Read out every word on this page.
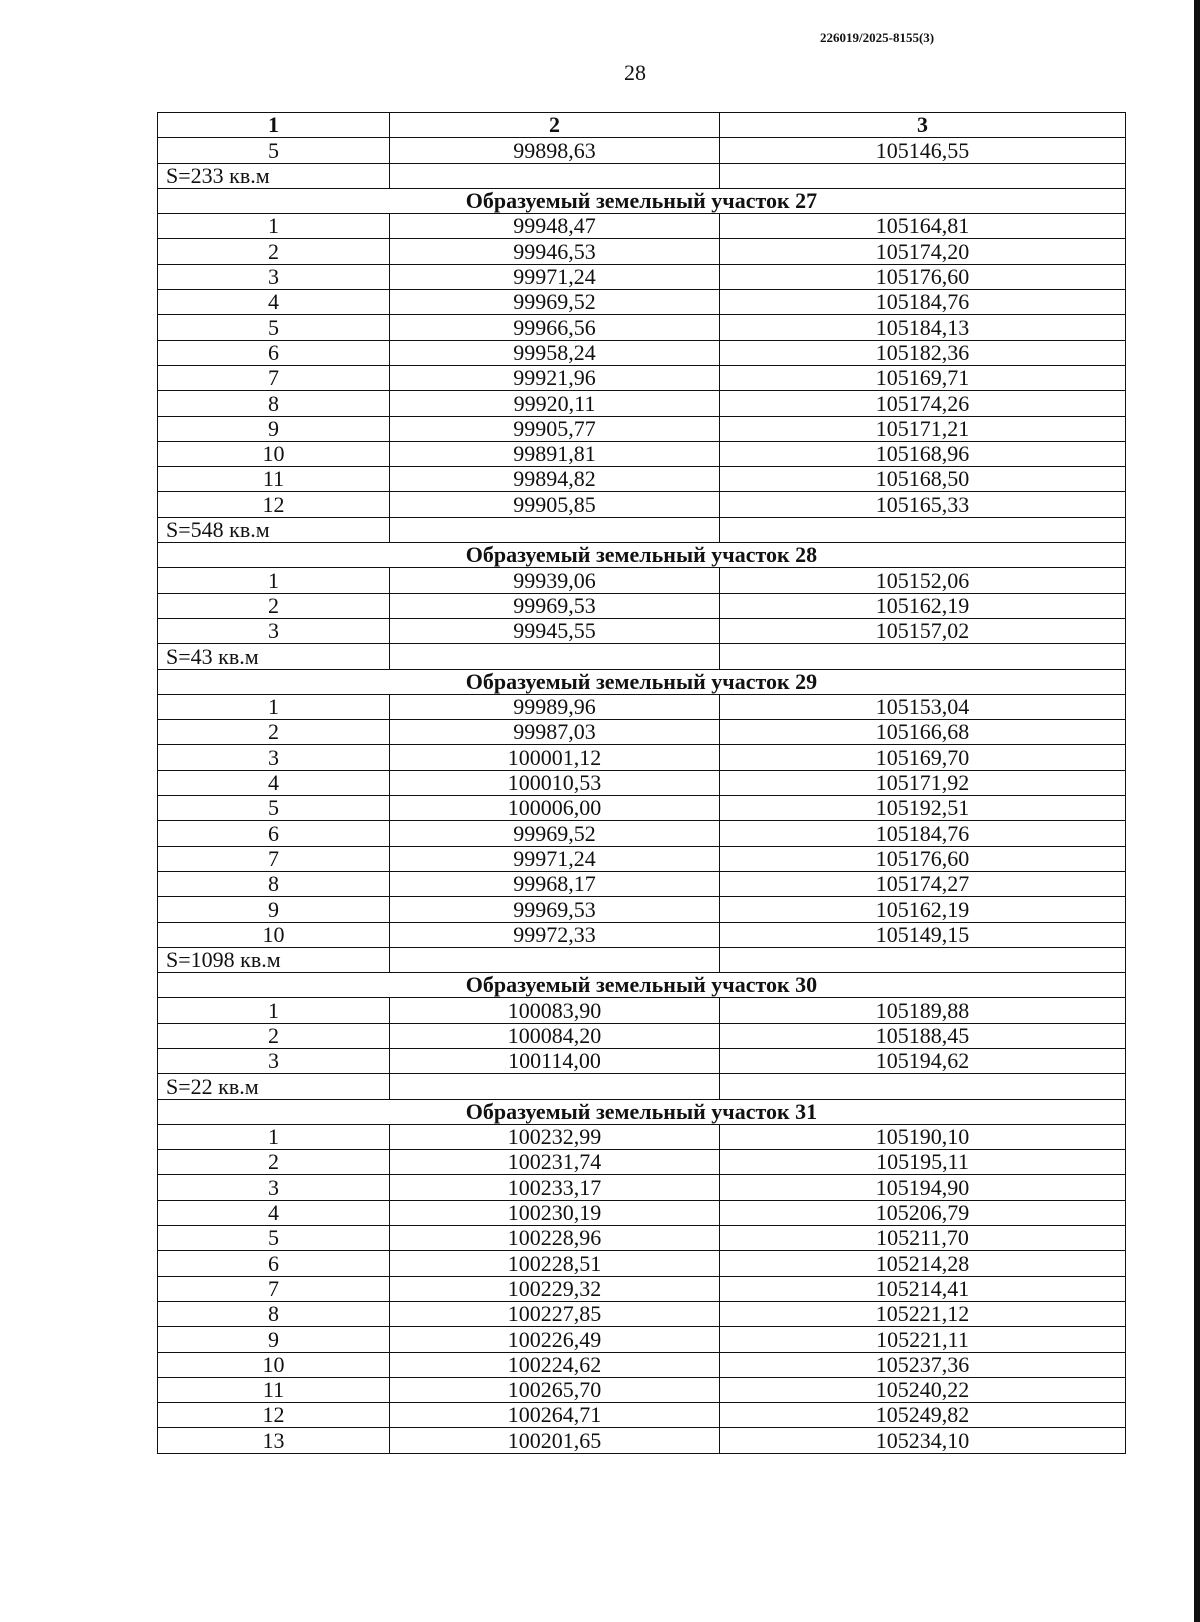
226019/2025-8155(3)
28
1	2	3
5	99898,63	105146,55
S=233 кв.м		
Образуемый земельный участок 27		
1	99948,47	105164,81
2	99946,53	105174,20
3	99971,24	105176,60
4	99969,52	105184,76
5	99966,56	105184,13
6	99958,24	105182,36
7	99921,96	105169,71
8	99920,11	105174,26
9	99905,77	105171,21
10	99891,81	105168,96
11	99894,82	105168,50
12	99905,85	105165,33
S=548 кв.м		
Образуемый земельный участок 28		
1	99939,06	105152,06
2	99969,53	105162,19
3	99945,55	105157,02
S=43 кв.м		
Образуемый земельный участок 29		
1	99989,96	105153,04
2	99987,03	105166,68
3	100001,12	105169,70
4	100010,53	105171,92
5	100006,00	105192,51
6	99969,52	105184,76
7	99971,24	105176,60
8	99968,17	105174,27
9	99969,53	105162,19
10	99972,33	105149,15
S=1098 кв.м		
Образуемый земельный участок 30		
1	100083,90	105189,88
2	100084,20	105188,45
3	100114,00	105194,62
S=22 кв.м		
Образуемый земельный участок 31		
1	100232,99	105190,10
2	100231,74	105195,11
3	100233,17	105194,90
4	100230,19	105206,79
5	100228,96	105211,70
6	100228,51	105214,28
7	100229,32	105214,41
8	100227,85	105221,12
9	100226,49	105221,11
10	100224,62	105237,36
11	100265,70	105240,22
12	100264,71	105249,82
13	100201,65	105234,10
